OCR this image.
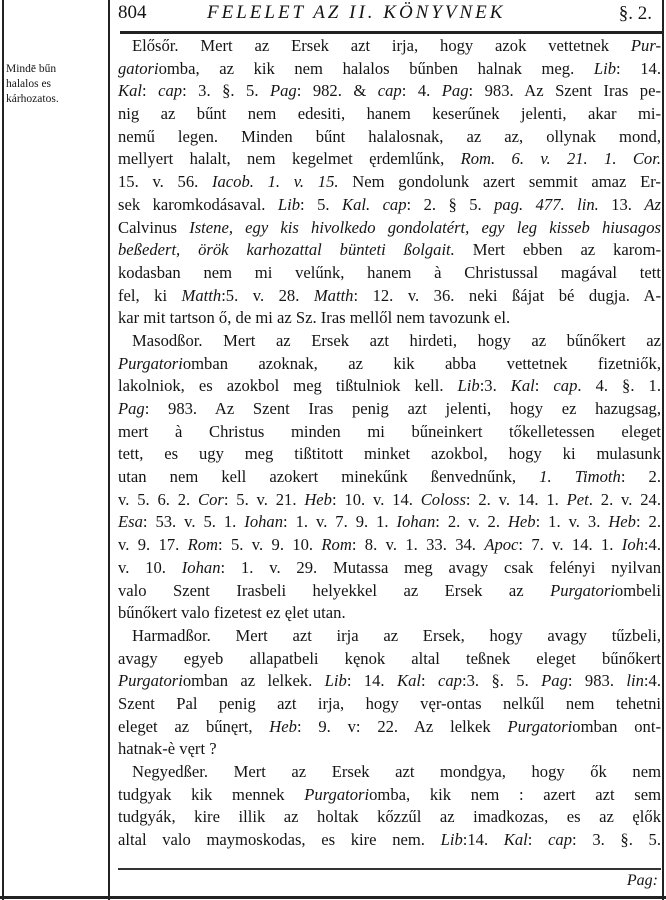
804	FELELET AZ II. KÖNYVNEK	§. 2.
Mindē bűn
halalos es
kárhozatos.
Elősőr. Mert az Ersek azt irja, hogy azok vettetnek Pur-
gatoriomba, az kik nem halalos bűnben halnak meg. Lib: 14.
Kal: cap: 3. §. 5. Pag: 982. & cap: 4. Pag: 983. Az Szent Iras pe-
nig az bűnt nem edesiti, hanem keserűnek jelenti, akar mi-
nemű legen. Minden bűnt halalosnak, az az, ollynak mond,
mellyert halalt, nem kegelmet ęrdemlűnk, Rom. 6. v. 21. 1. Cor.
15. v. 56. Iacob. 1. v. 15. Nem gondolunk azert semmit amaz Er-
sek karomkodásaval. Lib: 5. Kal. cap: 2. § 5. pag. 477. lin. 13. Az
Calvinus Istene, egy kis hivolkedo gondolatért, egy leg kisseb hiusagos
beßedert, örök karhozattal bünteti ßolgait. Mert ebben az karom-
kodasban nem mi velűnk, hanem à Christussal magával tett
fel, ki Matth:5. v. 28. Matth: 12. v. 36. neki ßájat bé dugja. A-
kar mit tartson ő, de mi az Sz. Iras mellől nem tavozunk el.
Masodßor. Mert az Ersek azt hirdeti, hogy az bűnőkert az
Purgatoriomban azoknak, az kik abba vettetnek fizetniők,
lakolniok, es azokbol meg tißtulniok kell. Lib:3. Kal: cap. 4. §. 1.
Pag: 983. Az Szent Iras penig azt jelenti, hogy ez hazugsag,
mert à Christus minden mi bűneinkert tőkelletessen eleget
tett, es ugy meg tißtitott minket azokbol, hogy ki mulasunk
utan nem kell azokert minekűnk ßenvednűnk, 1. Timoth: 2.
v. 5. 6. 2. Cor: 5. v. 21. Heb: 10. v. 14. Coloss: 2. v. 14. 1. Pet. 2. v. 24.
Esa: 53. v. 5. 1. Iohan: 1. v. 7. 9. 1. Iohan: 2. v. 2. Heb: 1. v. 3. Heb: 2.
v. 9. 17. Rom: 5. v. 9. 10. Rom: 8. v. 1. 33. 34. Apoc: 7. v. 14. 1. Ioh:4.
v. 10. Iohan: 1. v. 29. Mutassa meg avagy csak felényi nyilvan
valo Szent Irasbeli helyekkel az Ersek az Purgatoriombeli
bűnőkert valo fizetest ez ęlet utan.
Harmadßor. Mert azt irja az Ersek, hogy avagy tűzbeli,
avagy egyeb allapatbeli kęnok altal teßnek eleget bűnőkert
Purgatoriomban az lelkek. Lib: 14. Kal: cap:3. §. 5. Pag: 983. lin:4.
Szent Pal penig azt irja, hogy vęr-ontas nelkűl nem tehetni
eleget az bűnęrt, Heb: 9. v: 22. Az lelkek Purgatoriomban ont-
hatnak-è vęrt ?
Negyedßer. Mert az Ersek azt mondgya, hogy ők nem
tudgyak kik mennek Purgatoriomba, kik nem : azert azt sem
tudgyák, kire illik az holtak kőzzűl az imadkozas, es az ęlők
altal valo maymoskodas, es kire nem. Lib:14. Kal: cap: 3. §. 5.
Pag:
